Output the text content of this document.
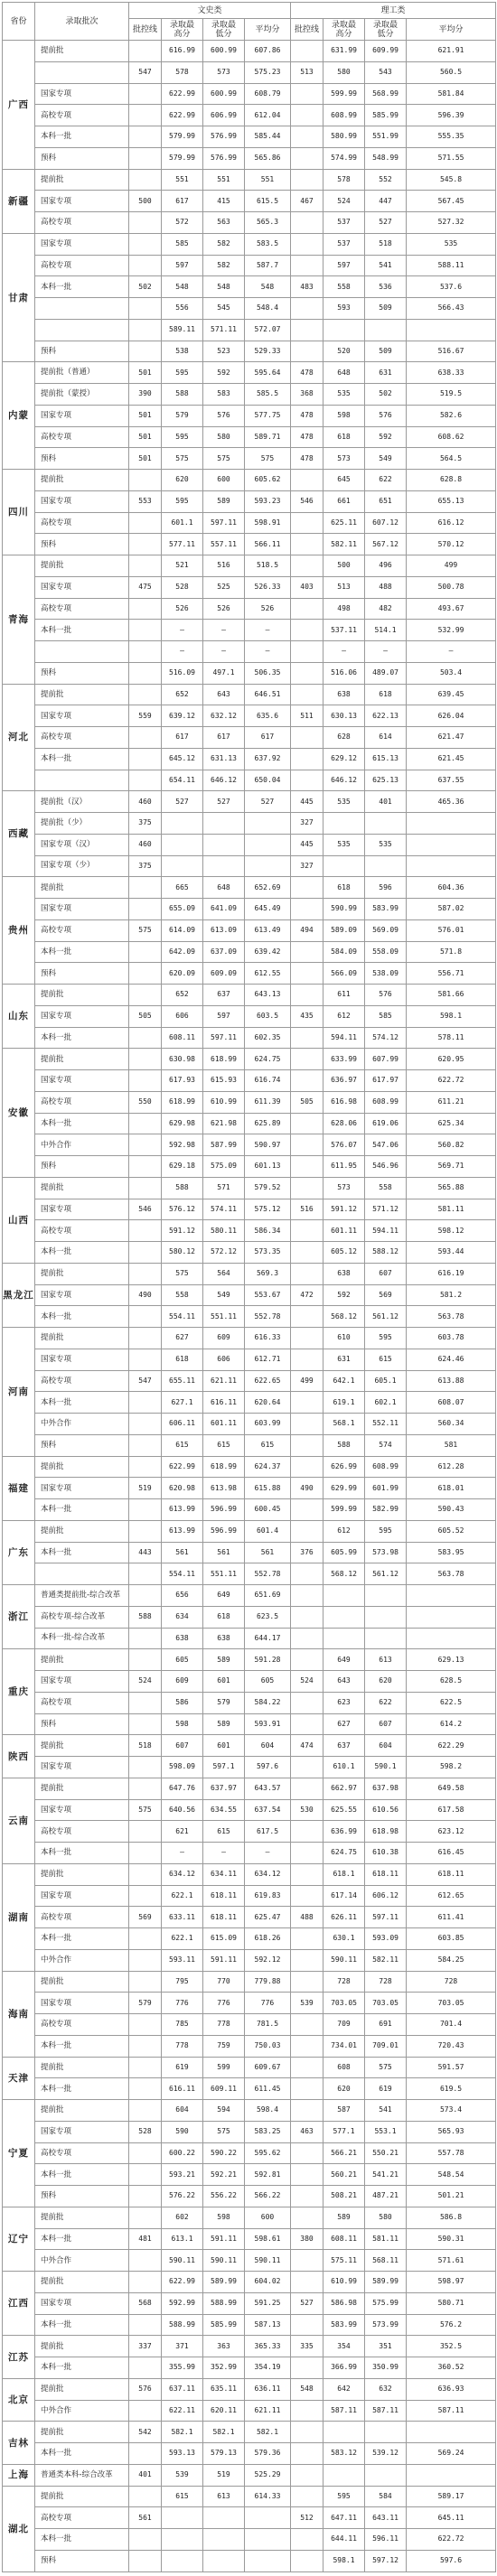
省份	录取批次	文史类				理工类			
		批控线	录取最高分	录取最低分	平均分	批控线	录取最高分	录取最低分	平均分
广西	提前批		616.99	600.99	607.86		631.99	609.99	621.91
		547	578	573	575.23	513	580	543	560.5
	国家专项		622.99	600.99	608.79		599.99	568.99	581.84
	高校专项		622.99	606.99	612.04		608.99	585.99	596.39
	本科一批		579.99	576.99	585.44		580.99	551.99	555.35
	预科		579.99	576.99	565.86		574.99	548.99	571.55
新疆	提前批		551	551	551		578	552	545.8
	国家专项	500	617	415	615.5	467	524	447	567.45
	高校专项		572	563	565.3		537	527	527.32
甘肃	国家专项		585	582	583.5		537	518	535
	高校专项		597	582	587.7		597	541	588.11
	本科一批	502	548	548	548	483	558	536	537.6
			556	545	548.4		593	509	566.43
			589.11	571.11	572.07				
	预科		538	523	529.33		520	509	516.67
内蒙	提前批（普通）	501	595	592	595.64	478	648	631	638.33
	提前批（蒙授）	390	588	583	585.5	368	535	502	519.5
	国家专项	501	579	576	577.75	478	598	576	582.6
	高校专项	501	595	580	589.71	478	618	592	608.62
	预科	501	575	575	575	478	573	549	564.5
四川	提前批		620	600	605.62		645	622	628.8
	国家专项	553	595	589	593.23	546	661	651	655.13
	高校专项		601.1	597.11	598.91		625.11	607.12	616.12
	预科		577.11	557.11	566.11		582.11	567.12	570.12
青海	提前批		521	516	518.5		500	496	499
	国家专项	475	528	525	526.33	403	513	488	500.78
	高校专项		526	526	526		498	482	493.67
	本科一批		—	—	—		537.11	514.1	532.99
			—	—	—		—	—	—
	预科		516.09	497.1	506.35		516.06	489.07	503.4
河北	提前批		652	643	646.51		638	618	639.45
	国家专项	559	639.12	632.12	635.6	511	630.13	622.13	626.04
	高校专项		617	617	617		628	614	621.47
	本科一批		645.12	631.13	637.92		629.12	615.13	621.45
			654.11	646.12	650.04		646.12	625.13	637.55
西藏	提前批（汉）	460	527	527	527	445	535	401	465.36
	提前批（少）	375				327			
	国家专项（汉）	460				445	535	535	
	国家专项（少）	375				327			
贵州	提前批		665	648	652.69		618	596	604.36
	国家专项		655.09	641.09	645.49		590.99	583.99	587.02
	高校专项	575	614.09	613.09	613.49	494	589.09	569.09	576.01
	本科一批		642.09	637.09	639.42		584.09	558.09	571.8
	预科		620.09	609.09	612.55		566.09	538.09	556.71
山东	提前批		652	637	643.13		611	576	581.66
	国家专项	505	606	597	603.5	435	612	585	598.1
	本科一批		608.11	597.11	602.35		594.11	574.12	578.11
安徽	提前批		630.98	618.99	624.75		633.99	607.99	620.95
	国家专项		617.93	615.93	616.74		636.97	617.97	622.72
	高校专项	550	618.99	610.99	611.39	505	616.98	608.99	611.21
	本科一批		629.98	621.98	625.89		628.06	619.06	625.34
	中外合作		592.98	587.99	590.97		576.07	547.06	560.82
	预科		629.18	575.09	601.13		611.95	546.96	569.71
山西	提前批		588	571	579.52		573	558	565.88
	国家专项	546	576.12	574.11	575.12	516	591.12	571.12	581.11
	高校专项		591.12	580.11	586.34		601.11	594.11	598.12
	本科一批		580.12	572.12	573.35		605.12	588.12	593.44
黑龙江	提前批		575	564	569.3		638	607	616.19
	国家专项	490	558	549	553.67	472	592	569	581.2
	本科一批		554.11	551.11	552.78		568.12	561.12	563.78
河南	提前批		627	609	616.33		610	595	603.78
	国家专项		618	606	612.71		631	615	624.46
	高校专项	547	655.11	621.11	622.65	499	642.1	605.1	613.88
	本科一批		627.1	616.11	620.64		619.1	602.1	608.07
	中外合作		606.11	601.11	603.99		568.1	552.11	560.34
	预科		615	615	615		588	574	581
福建	提前批		622.99	618.99	624.37		626.99	608.99	612.28
	国家专项	519	620.98	613.98	615.88	490	629.99	601.99	618.01
	本科一批		613.99	596.99	600.45		599.99	582.99	590.43
广东	提前批		613.99	596.99	601.4		612	595	605.52
	本科一批	443	561	561	561	376	605.99	573.98	583.95
			554.11	551.11	552.78		568.12	561.12	563.78
浙江	普通类提前批-综合改革		656	649	651.69				
	高校专项-综合改革	588	634	618	623.5				
	本科一批-综合改革		638	638	644.17				
重庆	提前批		605	589	591.28		649	613	629.13
	国家专项	524	609	601	605	524	643	620	628.5
	高校专项		586	579	584.22		623	622	622.5
	预科		598	589	593.91		627	607	614.2
陕西	提前批	518	607	601	604	474	637	604	622.29
	国家专项		598.09	597.1	597.6		610.1	590.1	598.2
云南	提前批		647.76	637.97	643.57		662.97	637.98	649.58
	国家专项	575	640.56	634.55	637.54	530	625.55	610.56	617.58
	高校专项		621	615	617.5		636.99	618.98	623.12
	本科一批		—	—	—		624.75	610.38	616.45
湖南	提前批		634.12	634.11	634.12		618.1	618.11	618.11
	国家专项		622.1	618.11	619.83		617.14	606.12	612.65
	高校专项	569	633.11	618.11	625.47	488	626.11	597.11	611.41
	本科一批		622.1	615.09	618.26		630.1	593.09	603.85
	中外合作		593.11	591.11	592.12		590.11	582.11	584.25
海南	提前批		795	770	779.88		728	728	728
	国家专项	579	776	776	776	539	703.05	703.05	703.05
	高校专项		785	778	781.5		709	691	701.4
	本科一批		778	759	750.03		734.01	709.01	720.43
天津	提前批		619	599	609.67		608	575	591.57
	本科一批		616.11	609.11	611.45		620	619	619.5
宁夏	提前批		604	594	598.4		587	541	573.4
	国家专项	528	590	575	583.25	463	577.1	553.1	565.93
	高校专项		600.22	590.22	595.62		566.21	550.21	557.78
	本科一批		593.21	592.21	592.81		560.21	541.21	548.54
	预科		576.22	556.22	566.22		508.21	487.21	501.21
辽宁	提前批		602	598	600		589	580	586.8
	本科一批	481	613.1	591.11	598.61	380	608.11	581.11	590.31
	中外合作		590.11	590.11	590.11		575.11	568.11	571.61
江西	提前批		622.99	589.99	604.02		610.99	589.99	598.97
	国家专项	568	592.99	588.99	591.25	527	586.98	575.99	580.71
	本科一批		588.99	585.99	587.13		583.99	573.99	576.2
江苏	提前批	337	371	363	365.33	335	354	351	352.5
	本科一批		355.99	352.99	354.19		366.99	350.99	360.52
北京	提前批	576	637.11	635.11	636.11	548	642	632	636.93
	中外合作		622.11	620.11	621.11		587.11	587.11	587.11
吉林	提前批	542	582.1	582.1	582.1				
	本科一批		593.13	579.13	579.36		583.12	539.12	569.24
上海	普通类本科-综合改革	401	539	519	525.29				
湖北	提前批		615	613	614.33		595	584	589.17
	高校专项	561				512	647.11	643.11	645.11
	本科一批						644.11	596.11	622.72
	预科						598.1	597.12	597.6
